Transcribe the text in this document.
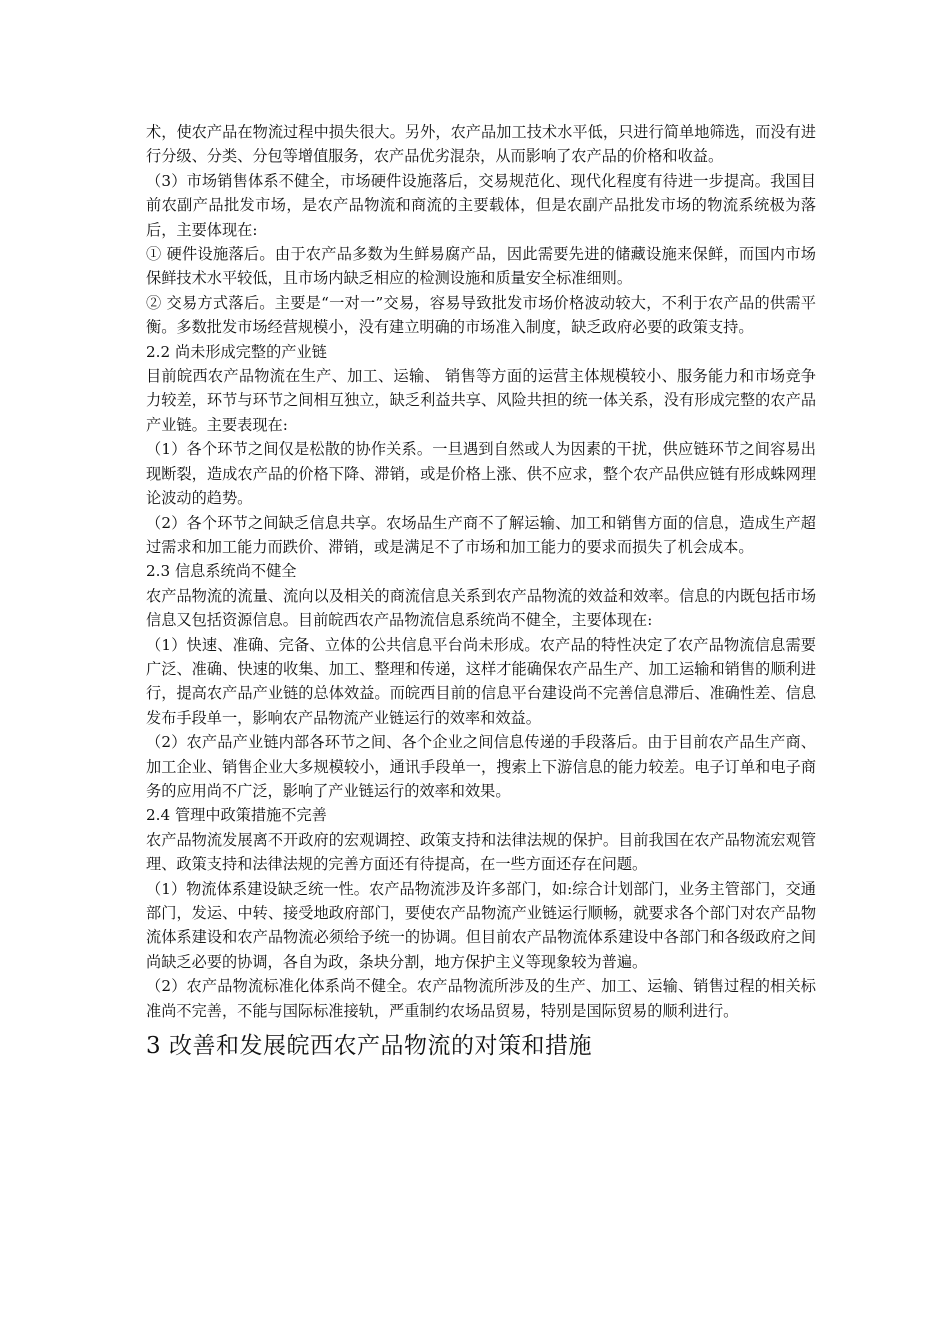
术，使农产品在物流过程中损失很大。另外，农产品加工技术水平低，只进行简单地筛选，而没有进行分级、分类、分包等增值服务，农产品优劣混杂，从而影响了农产品的价格和收益。

（3）市场销售体系不健全，市场硬件设施落后，交易规范化、现代化程度有待进一步提高。我国目前农副产品批发市场，是农产品物流和商流的主要载体，但是农副产品批发市场的物流系统极为落后，主要体现在:

① 硬件设施落后。由于农产品多数为生鲜易腐产品，因此需要先进的储藏设施来保鲜，而国内市场保鲜技术水平较低，且市场内缺乏相应的检测设施和质量安全标准细则。

② 交易方式落后。主要是“一对一”交易，容易导致批发市场价格波动较大，不利于农产品的供需平衡。多数批发市场经营规模小，没有建立明确的市场准入制度，缺乏政府必要的政策支持。

2.2 尚未形成完整的产业链

目前皖西农产品物流在生产、加工、运输、 销售等方面的运营主体规模较小、服务能力和市场竞争力较差，环节与环节之间相互独立，缺乏利益共享、风险共担的统一体关系，没有形成完整的农产品产业链。主要表现在:

（1）各个环节之间仅是松散的协作关系。一旦遇到自然或人为因素的干扰，供应链环节之间容易出现断裂，造成农产品的价格下降、滞销，或是价格上涨、供不应求，整个农产品供应链有形成蛛网理论波动的趋势。

（2）各个环节之间缺乏信息共享。农场品生产商不了解运输、加工和销售方面的信息，造成生产超过需求和加工能力而跌价、滞销，或是满足不了市场和加工能力的要求而损失了机会成本。

2.3 信息系统尚不健全

农产品物流的流量、流向以及相关的商流信息关系到农产品物流的效益和效率。信息的内既包括市场信息又包括资源信息。目前皖西农产品物流信息系统尚不健全，主要体现在:

（1）快速、准确、完备、立体的公共信息平台尚未形成。农产品的特性决定了农产品物流信息需要广泛、准确、快速的收集、加工、整理和传递，这样才能确保农产品生产、加工运输和销售的顺利进行，提高农产品产业链的总体效益。而皖西目前的信息平台建设尚不完善信息滞后、准确性差、信息发布手段单一，影响农产品物流产业链运行的效率和效益。

（2）农产品产业链内部各环节之间、各个企业之间信息传递的手段落后。由于目前农产品生产商、加工企业、销售企业大多规模较小，通讯手段单一，搜索上下游信息的能力较差。电子订单和电子商务的应用尚不广泛，影响了产业链运行的效率和效果。

2.4 管理中政策措施不完善

农产品物流发展离不开政府的宏观调控、政策支持和法律法规的保护。目前我国在农产品物流宏观管理、政策支持和法律法规的完善方面还有待提高，在一些方面还存在问题。

（1）物流体系建设缺乏统一性。农产品物流涉及许多部门，如:综合计划部门，业务主管部门，交通部门，发运、中转、接受地政府部门，要使农产品物流产业链运行顺畅，就要求各个部门对农产品物流体系建设和农产品物流必须给予统一的协调。但目前农产品物流体系建设中各部门和各级政府之间尚缺乏必要的协调，各自为政，条块分割，地方保护主义等现象较为普遍。

（2）农产品物流标准化体系尚不健全。农产品物流所涉及的生产、加工、运输、销售过程的相关标准尚不完善，不能与国际标准接轨，严重制约农场品贸易，特别是国际贸易的顺利进行。

3 改善和发展皖西农产品物流的对策和措施
